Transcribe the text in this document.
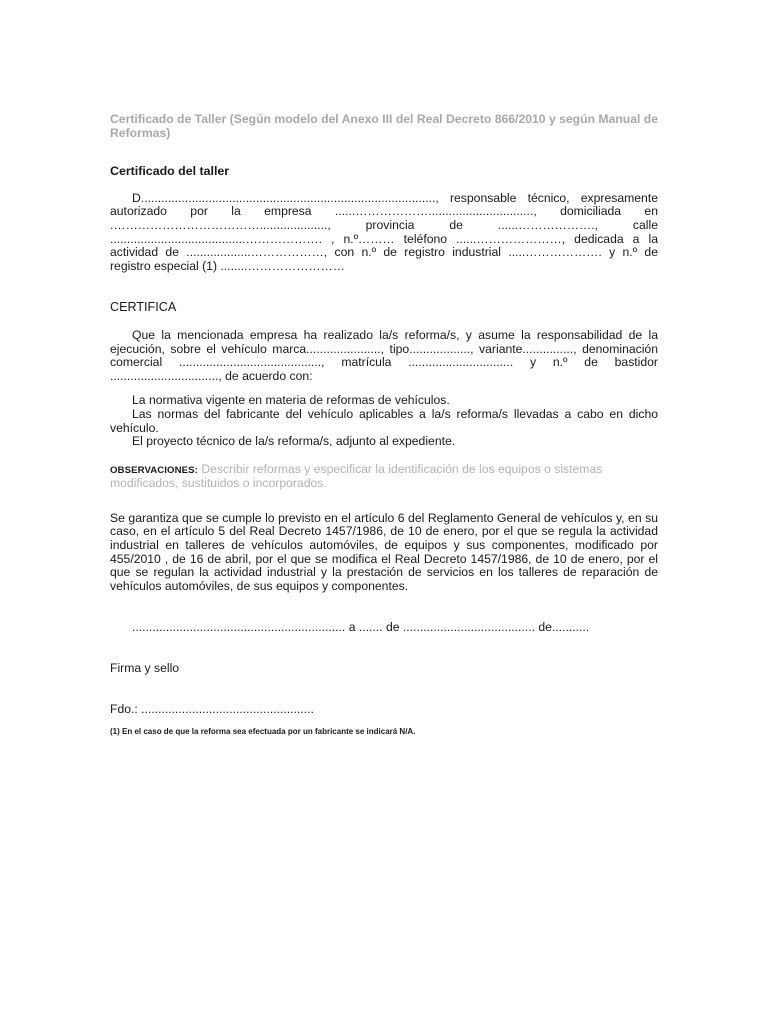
Certificado de Taller (Según modelo del Anexo III del Real Decreto 866/2010 y según Manual de Reformas)

Certificado del taller

D......................................................................................., responsable técnico, expresamente autorizado por la empresa ......………………..............................., domiciliada en .………………………………...................., provincia de ......………………., calle ........................................………………. , n.º……… teléfono ......…………………, dedicada a la actividad de ...................………………, con n.º de registro industrial .....………………. y n.º de registro especial (1) ........……………………

CERTIFICA

Que la mencionada empresa ha realizado la/s reforma/s, y asume la responsabilidad de la ejecución, sobre el vehículo marca......................, tipo.................., variante..............., denominación comercial .........................................., matrícula ............................... y n.º de bastidor ................................, de acuerdo con:

La normativa vigente en materia de reformas de vehículos.

Las normas del fabricante del vehículo aplicables a la/s reforma/s llevadas a cabo en dicho vehículo.

El proyecto técnico de la/s reforma/s, adjunto al expediente.

OBSERVACIONES: Describir reformas y especificar la identificación de los equipos o sistemas modificados, sustituidos o incorporados.

Se garantiza que se cumple lo previsto en el artículo 6 del Reglamento General de vehículos y, en su caso, en el artículo 5 del Real Decreto 1457/1986, de 10 de enero, por el que se regula la actividad industrial en talleres de vehículos automóviles, de equipos y sus componentes, modificado por 455/2010 , de 16 de abril, por el que se modifica el Real Decreto 1457/1986, de 10 de enero, por el que se regulan la actividad industrial y la prestación de servicios en los talleres de reparación de vehículos automóviles, de sus equipos y componentes.

............................................................... a ....... de ....................................... de...........
Firma y sello
Fdo.: ...................................................
(1) En el caso de que la reforma sea efectuada por un fabricante se indicará N/A.
